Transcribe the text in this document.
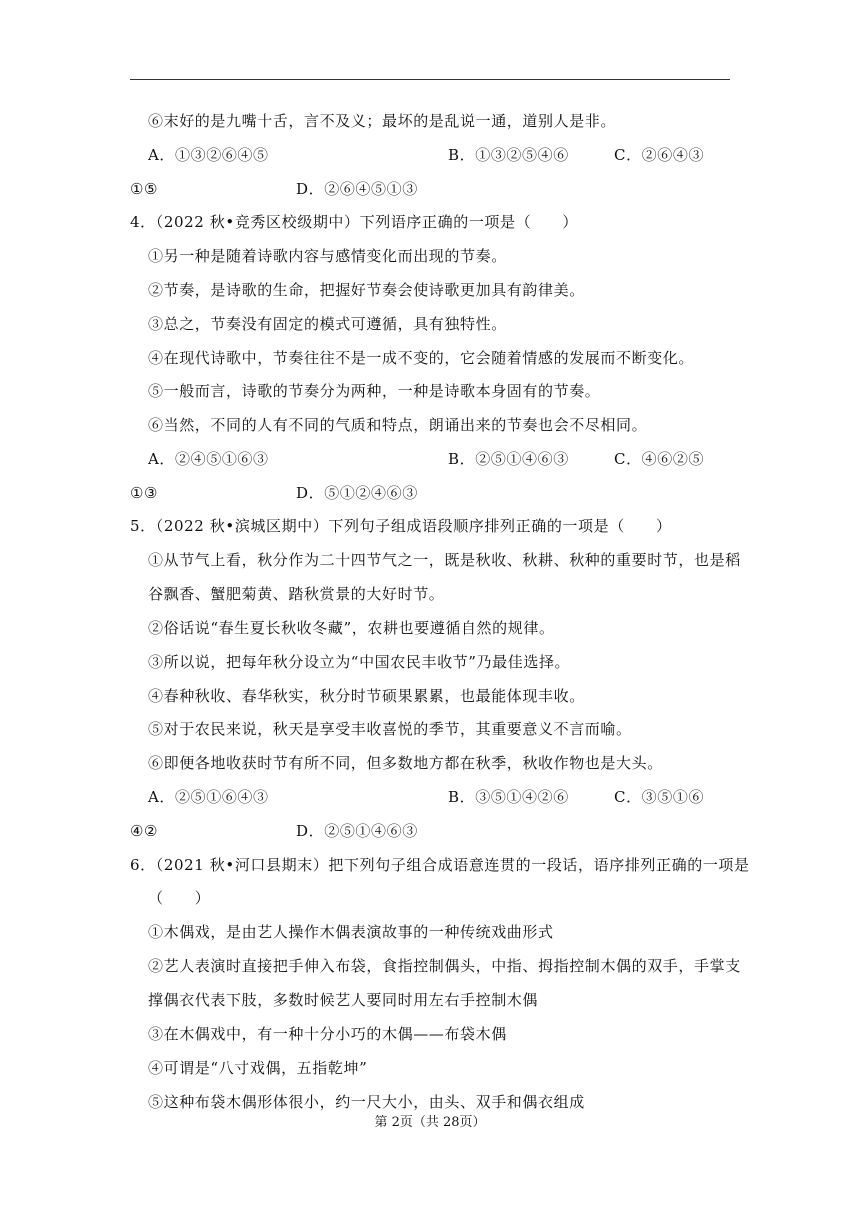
⑥末好的是九嘴十舌，言不及义；最坏的是乱说一通，道别人是非。
A．①③②⑥④⑤	B．①③②⑤④⑥	C．②⑥④③
①⑤	D．②⑥④⑤①③
4．（2022 秋•竞秀区校级期中）下列语序正确的一项是（　　）
①另一种是随着诗歌内容与感情变化而出现的节奏。
②节奏，是诗歌的生命，把握好节奏会使诗歌更加具有韵律美。
③总之，节奏没有固定的模式可遵循，具有独特性。
④在现代诗歌中，节奏往往不是一成不变的，它会随着情感的发展而不断变化。
⑤一般而言，诗歌的节奏分为两种，一种是诗歌本身固有的节奏。
⑥当然，不同的人有不同的气质和特点，朗诵出来的节奏也会不尽相同。
A．②④⑤①⑥③	B．②⑤①④⑥③	C．④⑥②⑤
①③	D．⑤①②④⑥③
5．（2022 秋•滨城区期中）下列句子组成语段顺序排列正确的一项是（　　）
①从节气上看，秋分作为二十四节气之一，既是秋收、秋耕、秋种的重要时节，也是稻
谷飘香、蟹肥菊黄、踏秋赏景的大好时节。
②俗话说“春生夏长秋收冬藏”，农耕也要遵循自然的规律。
③所以说，把每年秋分设立为“中国农民丰收节”乃最佳选择。
④春种秋收、春华秋实，秋分时节硕果累累，也最能体现丰收。
⑤对于农民来说，秋天是享受丰收喜悦的季节，其重要意义不言而喻。
⑥即便各地收获时节有所不同，但多数地方都在秋季，秋收作物也是大头。
A．②⑤①⑥④③	B．③⑤①④②⑥	C．③⑤①⑥
④②	D．②⑤①④⑥③
6．（2021 秋•河口县期末）把下列句子组合成语意连贯的一段话，语序排列正确的一项是
（　　）
①木偶戏，是由艺人操作木偶表演故事的一种传统戏曲形式
②艺人表演时直接把手伸入布袋，食指控制偶头，中指、拇指控制木偶的双手，手掌支
撑偶衣代表下肢，多数时候艺人要同时用左右手控制木偶
③在木偶戏中，有一种十分小巧的木偶——布袋木偶
④可谓是“八寸戏偶，五指乾坤”
⑤这种布袋木偶形体很小，约一尺大小，由头、双手和偶衣组成
第 2页（共 28页）
